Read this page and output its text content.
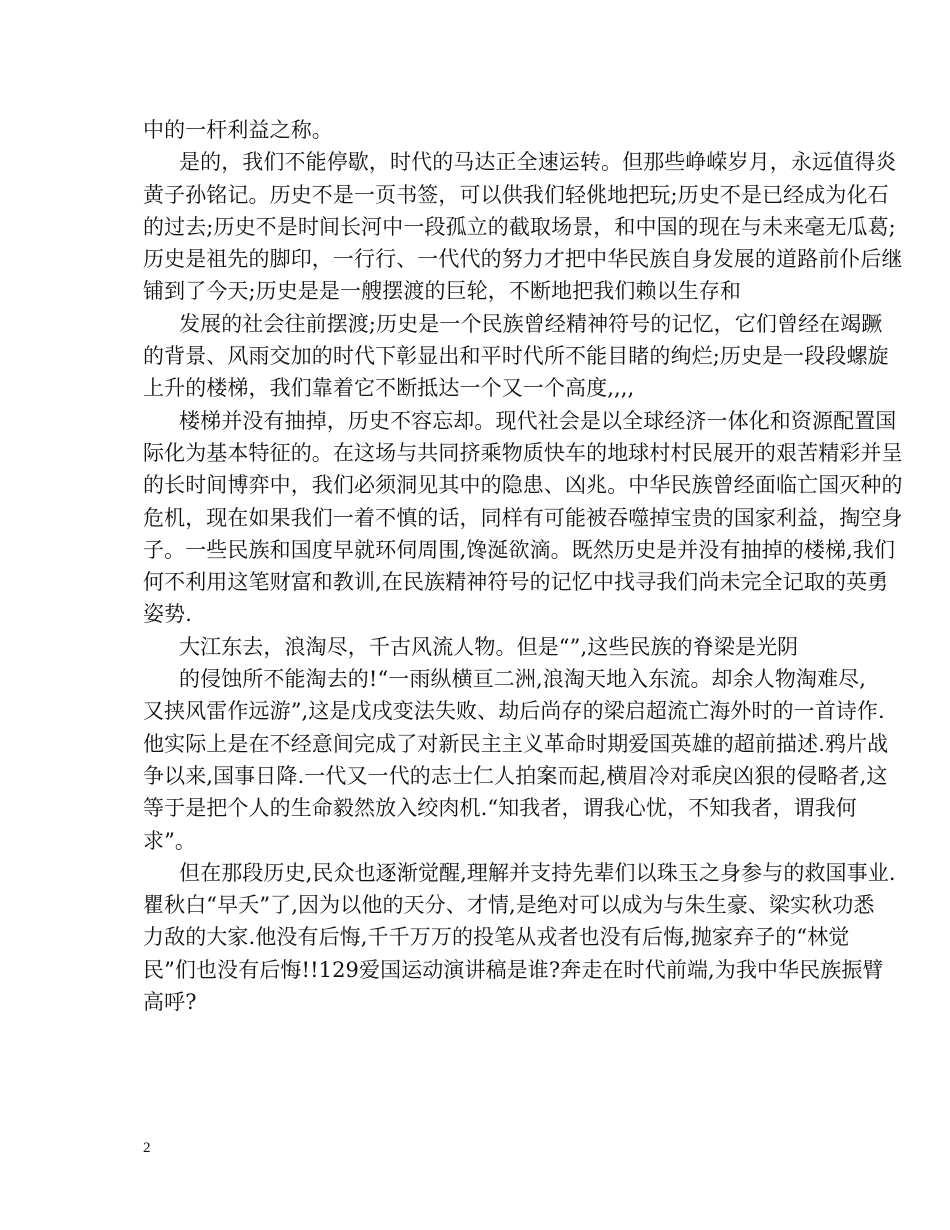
中的一杆利益之称。
是的，我们不能停歇，时代的马达正全速运转。但那些峥嵘岁月，永远值得炎
黄子孙铭记。历史不是一页书签，可以供我们轻佻地把玩;历史不是已经成为化石
的过去;历史不是时间长河中一段孤立的截取场景，和中国的现在与未来毫无瓜葛;
历史是祖先的脚印，一行行、一代代的努力才把中华民族自身发展的道路前仆后继
铺到了今天;历史是是一艘摆渡的巨轮，不断地把我们赖以生存和
发展的社会往前摆渡;历史是一个民族曾经精神符号的记忆，它们曾经在竭蹶
的背景、风雨交加的时代下彰显出和平时代所不能目睹的绚烂;历史是一段段螺旋
上升的楼梯，我们靠着它不断抵达一个又一个高度,,,,
楼梯并没有抽掉，历史不容忘却。现代社会是以全球经济一体化和资源配置国
际化为基本特征的。在这场与共同挤乘物质快车的地球村村民展开的艰苦精彩并呈
的长时间博弈中，我们必须洞见其中的隐患、凶兆。中华民族曾经面临亡国灭种的
危机，现在如果我们一着不慎的话，同样有可能被吞噬掉宝贵的国家利益，掏空身
子。一些民族和国度早就环伺周围,馋涎欲滴。既然历史是并没有抽掉的楼梯,我们
何不利用这笔财富和教训,在民族精神符号的记忆中找寻我们尚未完全记取的英勇
姿势.
大江东去，浪淘尽，千古风流人物。但是“”,这些民族的脊梁是光阴
的侵蚀所不能淘去的!“一雨纵横亘二洲,浪淘天地入东流。却余人物淘难尽,
又挟风雷作远游”,这是戊戌变法失败、劫后尚存的梁启超流亡海外时的一首诗作.
他实际上是在不经意间完成了对新民主主义革命时期爱国英雄的超前描述.鸦片战
争以来,国事日降.一代又一代的志士仁人拍案而起,横眉冷对乖戾凶狠的侵略者,这
等于是把个人的生命毅然放入绞肉机.“知我者，谓我心忧，不知我者，谓我何
求”。
但在那段历史,民众也逐渐觉醒,理解并支持先辈们以珠玉之身参与的救国事业.
瞿秋白“早夭”了,因为以他的天分、才情,是绝对可以成为与朱生豪、梁实秋功悉
力敌的大家.他没有后悔,千千万万的投笔从戎者也没有后悔,抛家弃子的“林觉
民”们也没有后悔!!129爱国运动演讲稿是谁?奔走在时代前端,为我中华民族振臂
高呼?
2
